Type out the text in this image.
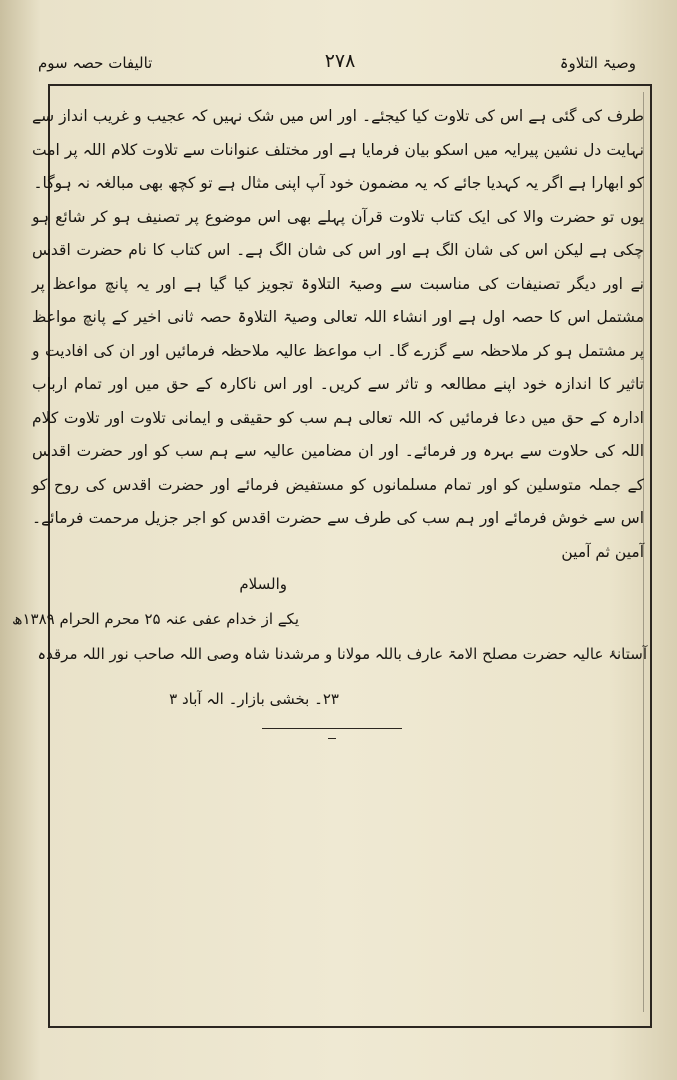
وصیۃ التلاوۃ
۲۷۸
تالیفات حصہ سوم

طرف کی گئی ہے اس کی تلاوت کیا کیجئے۔ اور اس میں شک نہیں کہ عجیب و غریب انداز سے نہایت دل نشین پیرایہ میں اسکو بیان فرمایا ہے اور مختلف عنوانات سے تلاوت کلام اللہ پر امت کو ابھارا ہے اگر یہ کہدیا جائے کہ یہ مضمون خود آپ اپنی مثال ہے تو کچھ بھی مبالغہ نہ ہوگا۔

یوں تو حضرت والا کی ایک کتاب تلاوت قرآن پہلے بھی اس موضوع پر تصنیف ہو کر شائع ہو چکی ہے لیکن اس کی شان الگ ہے اور اس کی شان الگ ہے۔ اس کتاب کا نام حضرت اقدس نے اور دیگر تصنیفات کی مناسبت سے وصیۃ التلاوۃ تجویز کیا گیا ہے اور یہ پانچ مواعظ پر مشتمل اس کا حصہ اول ہے اور انشاء اللہ تعالی وصیۃ التلاوۃ حصہ ثانی اخیر کے پانچ مواعظ پر مشتمل ہو کر ملاحظہ سے گزرے گا۔ اب مواعظ عالیہ ملاحظہ فرمائیں اور ان کی افادیت و تاثیر کا اندازہ خود اپنے مطالعہ و تاثر سے کریں۔ اور اس ناکارہ کے حق میں اور تمام ارباب ادارہ کے حق میں دعا فرمائیں کہ اللہ تعالی ہم سب کو حقیقی و ایمانی تلاوت اور تلاوت کلام اللہ کی حلاوت سے بہرہ ور فرمائے۔ اور ان مضامین عالیہ سے ہم سب کو اور حضرت اقدس کے جملہ متوسلین کو اور تمام مسلمانوں کو مستفیض فرمائے اور حضرت اقدس کی روح کو اس سے خوش فرمائے اور ہم سب کی طرف سے حضرت اقدس کو اجر جزیل مرحمت فرمائے۔ آمین ثم آمین

والسلام
یکے از خدام عفی عنہ ۲۵ محرم الحرام ۱۳۸۹ھ
آستانۂ عالیہ حضرت مصلح الامۃ عارف باللہ مولانا و مرشدنا شاہ وصی اللہ صاحب نور اللہ مرقدہ
۲۳۔ بخشی بازار۔ الہ آباد ۳
